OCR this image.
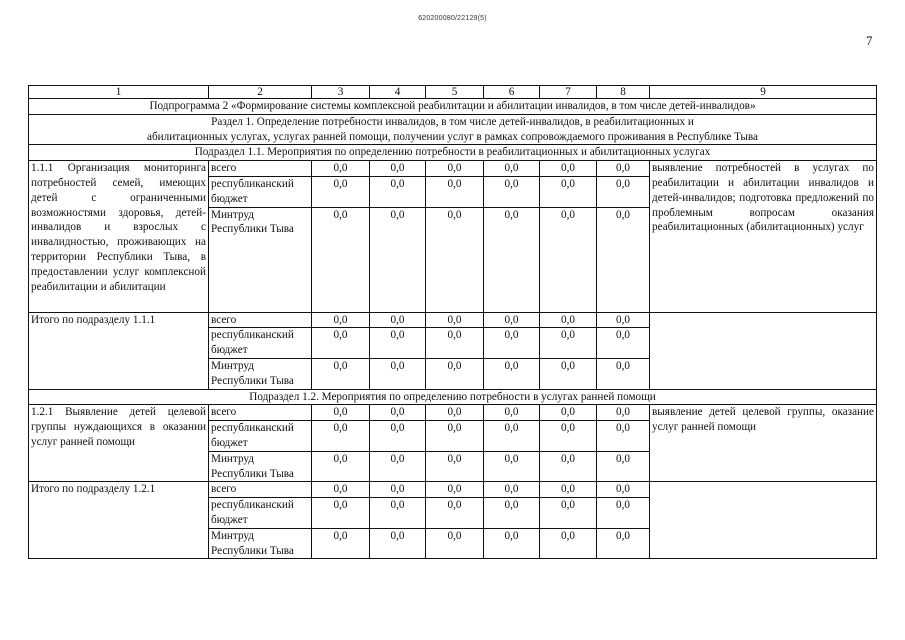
620200080/22129(5)
7
1	2	3	4	5	6	7	8	9
Подпрограмма 2 «Формирование системы комплексной реабилитации и абилитации инвалидов, в том числе детей-инвалидов»								
Раздел 1. Определение потребности инвалидов, в том числе детей-инвалидов, в реабилитационных и
абилитационных услугах, услугах ранней помощи, получении услуг в рамках сопровождаемого проживания в Республике Тыва								
Подраздел 1.1. Мероприятия по определению потребности в реабилитационных и абилитационных услугах								
1.1.1 Организация мониторинга потребностей семей, имеющих детей с ограниченными возможностями здоровья, детей-инвалидов и взрослых с инвалидностью, проживающих на территории Республики Тыва, в предоставлении услуг комплексной реабилитации и абилитации	всего	0,0	0,0	0,0	0,0	0,0	0,0	выявление потребностей в услугах по реабилитации и абилитации инвалидов и детей-инвалидов; подготовка предложений по проблемным вопросам оказания реабилитационных (абилитационных) услуг
	республиканский бюджет	0,0	0,0	0,0	0,0	0,0	0,0	
	Минтруд Республики Тыва	0,0	0,0	0,0	0,0	0,0	0,0	
Итого по подразделу 1.1.1	всего	0,0	0,0	0,0	0,0	0,0	0,0	
	республиканский бюджет	0,0	0,0	0,0	0,0	0,0	0,0	
	Минтруд Республики Тыва	0,0	0,0	0,0	0,0	0,0	0,0	
Подраздел 1.2. Мероприятия по определению потребности в услугах ранней помощи								
1.2.1 Выявление детей целевой группы нуждающихся в оказании услуг ранней помощи	всего	0,0	0,0	0,0	0,0	0,0	0,0	выявление детей целевой группы, оказание услуг ранней помощи
	республиканский бюджет	0,0	0,0	0,0	0,0	0,0	0,0	
	Минтруд Республики Тыва	0,0	0,0	0,0	0,0	0,0	0,0	
Итого по подразделу 1.2.1	всего	0,0	0,0	0,0	0,0	0,0	0,0	
	республиканский бюджет	0,0	0,0	0,0	0,0	0,0	0,0	
	Минтруд Республики Тыва	0,0	0,0	0,0	0,0	0,0	0,0	
